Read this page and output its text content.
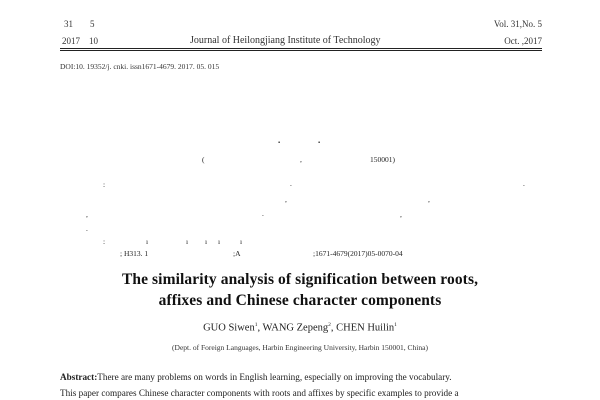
31 5
2017 10	Journal of Heilongjiang Institute of Technology
Vol. 31,No. 5
Oct. ,2017
DOI:10. 19352/j. cnki. issn1671-4679. 2017. 05. 015
.	.
(	,	150001)
:	.	.
,	,
,	.	,
.
:	ı	ı ı ı	ı
; H313. 1	;A	;1671-4679(2017)05-0070-04
The similarity analysis of signification between roots,
affixes and Chinese character components
GUO Siwen$^1$, WANG Zepeng$^2$, CHEN Huilin$^1$
(Dept. of Foreign Languages, Harbin Engineering University, Harbin 150001, China)
Abstract:There are many problems on words in English learning, especially on improving the vocabulary.
This paper compares Chinese character components with roots and affixes by specific examples to provide a
